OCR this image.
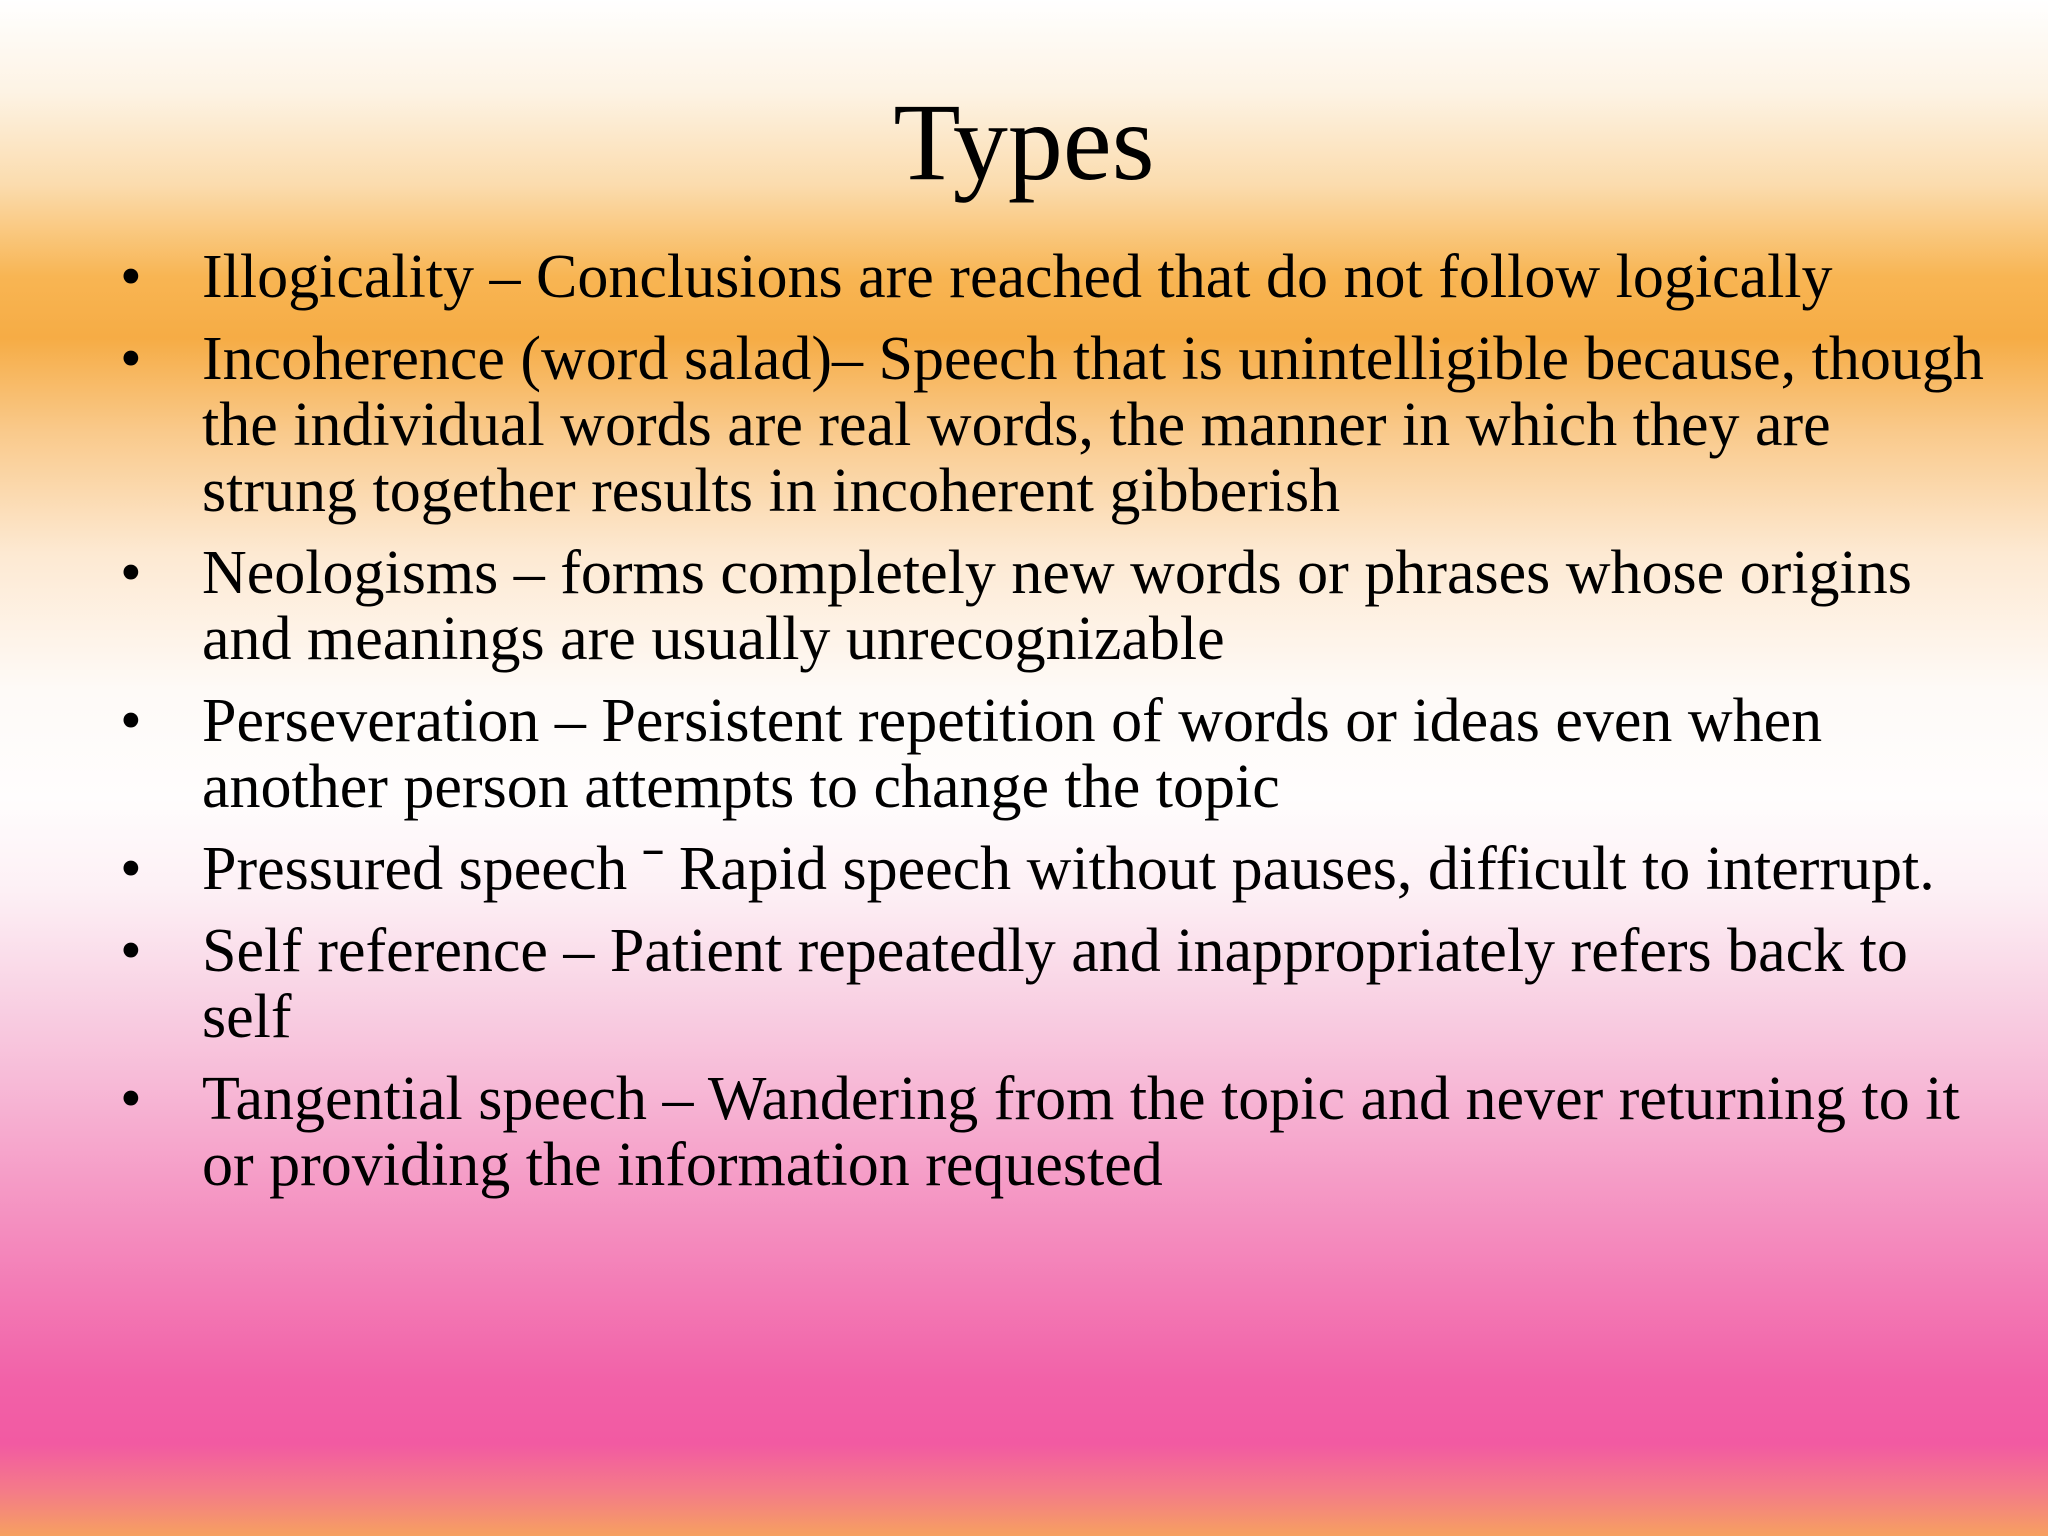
Types
• Illogicality – Conclusions are reached that do not follow logically
• Incoherence (word salad)– Speech that is unintelligible because, though the individual words are real words, the manner in which they are strung together results in incoherent gibberish
• Neologisms – forms completely new words or phrases whose origins and meanings are usually unrecognizable
• Perseveration – Persistent repetition of words or ideas even when another person attempts to change the topic
• Pressured speech ˉ Rapid speech without pauses, difficult to interrupt.
• Self reference – Patient repeatedly and inappropriately refers back to self
• Tangential speech – Wandering from the topic and never returning to it or providing the information requested
